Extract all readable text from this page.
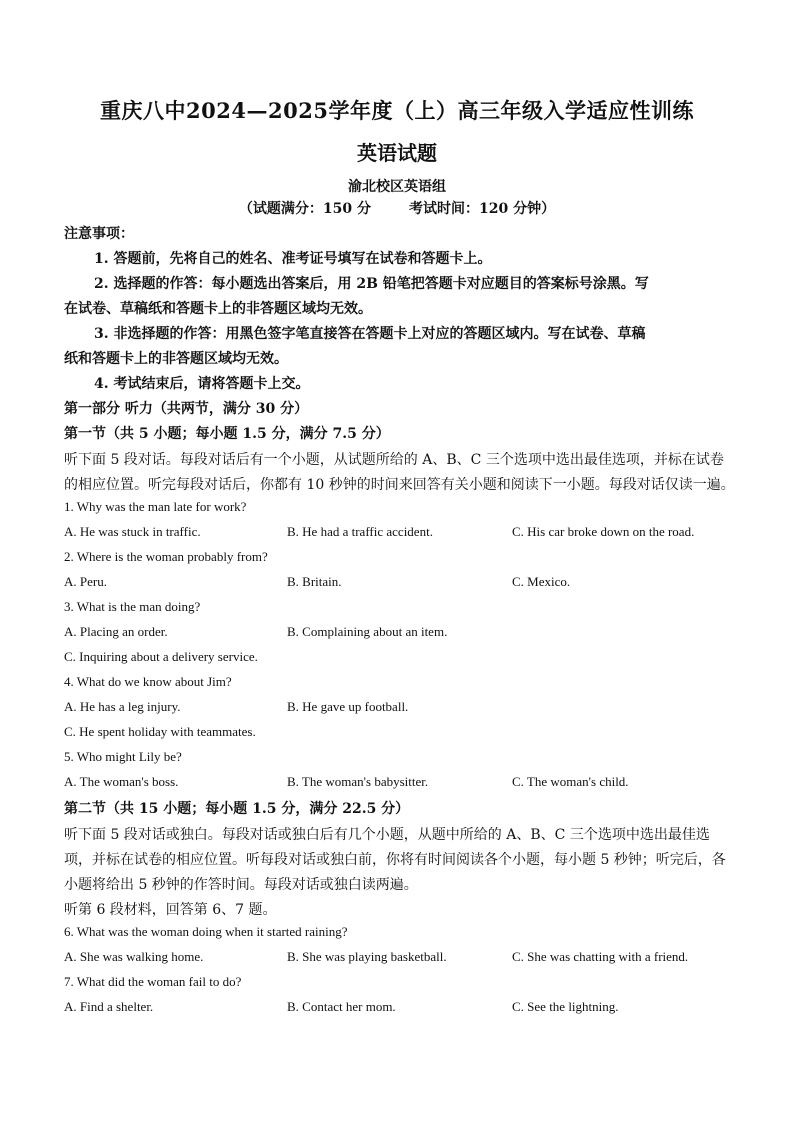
重庆八中2024—2025学年度（上）高三年级入学适应性训练
英语试题
渝北校区英语组
（试题满分：150 分	考试时间：120 分钟）
注意事项：
1. 答题前，先将自己的姓名、准考证号填写在试卷和答题卡上。
2. 选择题的作答：每小题选出答案后，用 2B 铅笔把答题卡对应题目的答案标号涂黑。写
在试卷、草稿纸和答题卡上的非答题区域均无效。
3. 非选择题的作答：用黑色签字笔直接答在答题卡上对应的答题区域内。写在试卷、草稿
纸和答题卡上的非答题区域均无效。
4. 考试结束后，请将答题卡上交。
第一部分 听力（共两节，满分 30 分）
第一节（共 5 小题；每小题 1.5 分，满分 7.5 分）
听下面 5 段对话。每段对话后有一个小题，从试题所给的 A、B、C 三个选项中选出最佳选项，并标在试卷
的相应位置。听完每段对话后，你都有 10 秒钟的时间来回答有关小题和阅读下一小题。每段对话仅读一遍。
1. Why was the man late for work?
A. He was stuck in traffic.	B. He had a traffic accident.	C. His car broke down on the road.
2. Where is the woman probably from?
A. Peru.	B. Britain.	C. Mexico.
3. What is the man doing?
A. Placing an order.	B. Complaining about an item.
C. Inquiring about a delivery service.
4. What do we know about Jim?
A. He has a leg injury.	B. He gave up football.
C. He spent holiday with teammates.
5. Who might Lily be?
A. The woman's boss.	B. The woman's babysitter.	C. The woman's child.
第二节（共 15 小题；每小题 1.5 分，满分 22.5 分）
听下面 5 段对话或独白。每段对话或独白后有几个小题，从题中所给的 A、B、C 三个选项中选出最佳选
项，并标在试卷的相应位置。听每段对话或独白前，你将有时间阅读各个小题，每小题 5 秒钟；听完后，各
小题将给出 5 秒钟的作答时间。每段对话或独白读两遍。
听第 6 段材料，回答第 6、7 题。
6. What was the woman doing when it started raining?
A. She was walking home.	B. She was playing basketball.	C. She was chatting with a friend.
7. What did the woman fail to do?
A. Find a shelter.	B. Contact her mom.	C. See the lightning.
